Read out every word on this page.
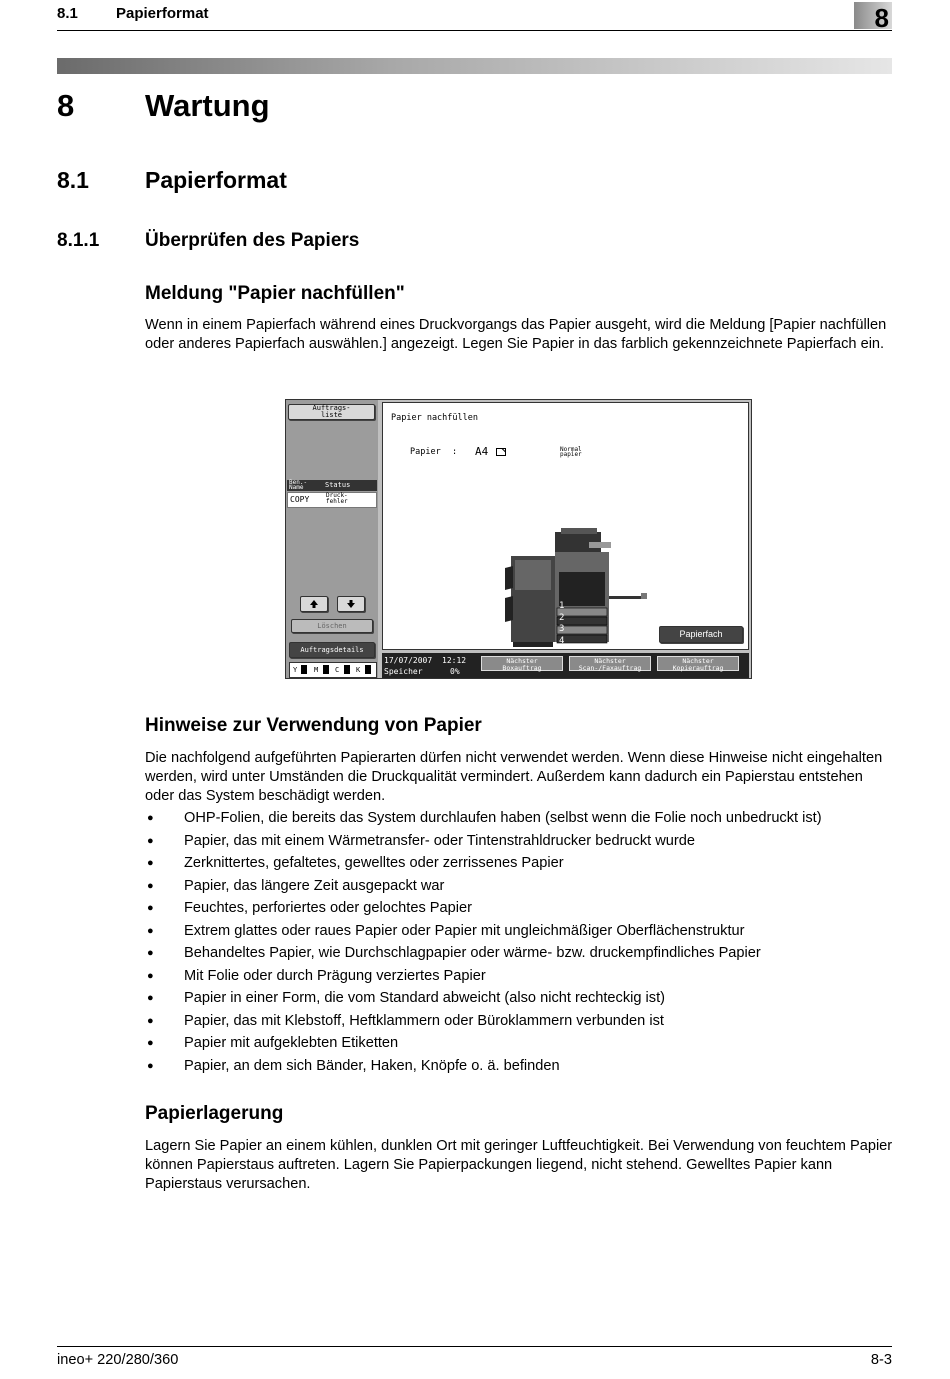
8.1	Papierformat	8
8 Wartung
8.1 Papierformat
8.1.1 Überprüfen des Papiers
Meldung "Papier nachfüllen"
Wenn in einem Papierfach während eines Druckvorgangs das Papier ausgeht, wird die Meldung [Papier nachfüllen oder anderes Papierfach auswählen.] angezeigt. Legen Sie Papier in das farblich gekennzeichnete Papierfach ein.
Auftrags-
liste
Ben.-
Name	Status
COPY	Druck-
fehler
Löschen
Auftragsdetails
Y M C K
Papier nachfüllen
Papier : A4	Normal
papier
1
2
3
4
Papierfach
17/07/2007 12:12

Speicher	0%
Nächster
Boxauftrag
Nächster
Scan-/Faxauftrag
Nächster
Kopierauftrag
Hinweise zur Verwendung von Papier
Die nachfolgend aufgeführten Papierarten dürfen nicht verwendet werden. Wenn diese Hinweise nicht eingehalten werden, wird unter Umständen die Druckqualität vermindert. Außerdem kann dadurch ein Papierstau entstehen oder das System beschädigt werden.
● OHP-Folien, die bereits das System durchlaufen haben (selbst wenn die Folie noch unbedruckt ist)
● Papier, das mit einem Wärmetransfer- oder Tintenstrahldrucker bedruckt wurde
● Zerknittertes, gefaltetes, gewelltes oder zerrissenes Papier
● Papier, das längere Zeit ausgepackt war
● Feuchtes, perforiertes oder gelochtes Papier
● Extrem glattes oder raues Papier oder Papier mit ungleichmäßiger Oberflächenstruktur
● Behandeltes Papier, wie Durchschlagpapier oder wärme- bzw. druckempfindliches Papier
● Mit Folie oder durch Prägung verziertes Papier
● Papier in einer Form, die vom Standard abweicht (also nicht rechteckig ist)
● Papier, das mit Klebstoff, Heftklammern oder Büroklammern verbunden ist
● Papier mit aufgeklebten Etiketten
● Papier, an dem sich Bänder, Haken, Knöpfe o. ä. befinden
Papierlagerung
Lagern Sie Papier an einem kühlen, dunklen Ort mit geringer Luftfeuchtigkeit. Bei Verwendung von feuchtem Papier können Papierstaus auftreten. Lagern Sie Papierpackungen liegend, nicht stehend. Gewelltes Papier kann Papierstaus verursachen.
ineo+ 220/280/360	8-3
